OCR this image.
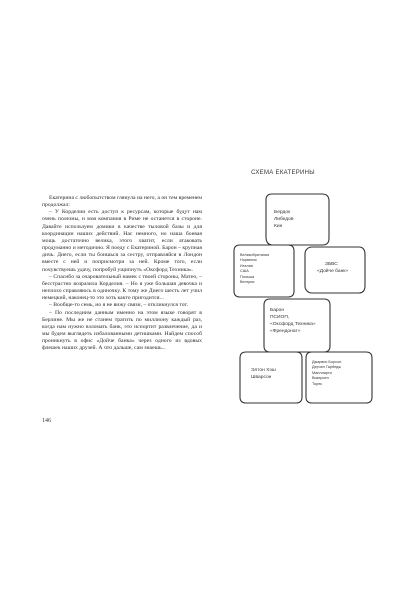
Екатерина с любопытством глянула на него, а он тем временем продолжал:

– У Корделии есть доступ к ресурсам, которые будут нам очень полезны, и моя компания в Риме не останется в стороне. Давайте используем домики в качестве тыловой базы и для координации наших действий. Нас немного, но наша боевая мощь достаточно велика, этого хватит, если атаковать продуманно и методично. Я поеду с Екатериной. Барон – крупная дичь. Диего, если ты боишься за сестру, отправляйся в Лондон вместе с ней и поприсмотри за ней. Кроме того, если почувствуешь удачу, попробуй ущипнуть «Оксфорд Техника».

– Спасибо за очаровательный намек с твоей стороны, Матео, – бесстрастно возразила Корделия. – Но я уже большая девочка и неплохо справляюсь в одиночку. К тому же Диего шесть лет учил немецкий, наконец-то это хоть както пригодится...

– Вообще-то семь, но я не вижу связи, – откликнулся тот.

– По последним данным именно на этом языке говорят в Берлине. Мы же не станем тратить по миллиону каждый раз, когда нам нужно взломать банк, это испортит развлечение, да и мы будем выглядеть избалованными детишками. Найдем способ проникнуть в офис «Дойче банка» через одного из вдовых флешек наших друзей. А что дальше, сам знаешь...

146
СХЕМА ЕКАТЕРИНЫ
Бердок
Либедов
Кин
Великобритания
Норвегия
Италия
США
Польша
Венгрия
ЗБВС
«Дойче банк»
Барон
ПСИОП,
«Оксфорд Техника»
«Френдонат»
Элтон Хэш
Шварсон
Джарвис Борсон
Дерчел Гарбедж
Маплларти
Викарсен
Торек
